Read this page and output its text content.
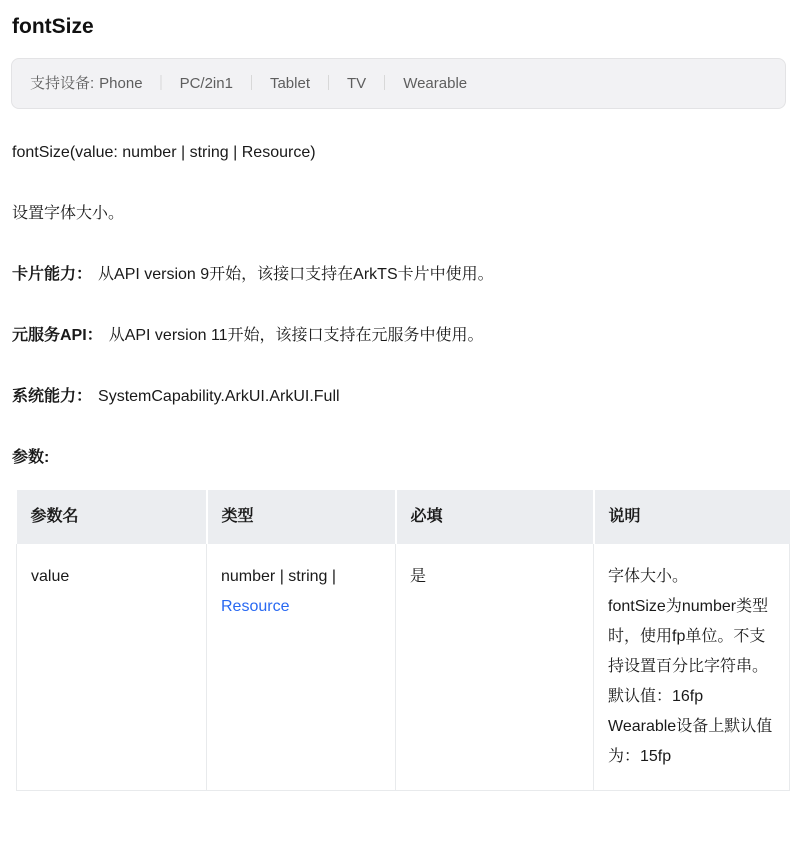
fontSize
支持设备: Phone ｜ PC/2in1 ｜ Tablet ｜ TV ｜ Wearable

fontSize(value: number | string | Resource)

设置字体大小。

卡片能力： 从API version 9开始，该接口支持在ArkTS卡片中使用。

元服务API： 从API version 11开始，该接口支持在元服务中使用。

系统能力： SystemCapability.ArkUI.ArkUI.Full

参数:

参数名	类型	必填	说明
value	number | string | Resource	是	字体大小。
fontSize为number类型时，使用fp单位。不支持设置百分比字符串。
默认值：16fp
Wearable设备上默认值为：15fp
